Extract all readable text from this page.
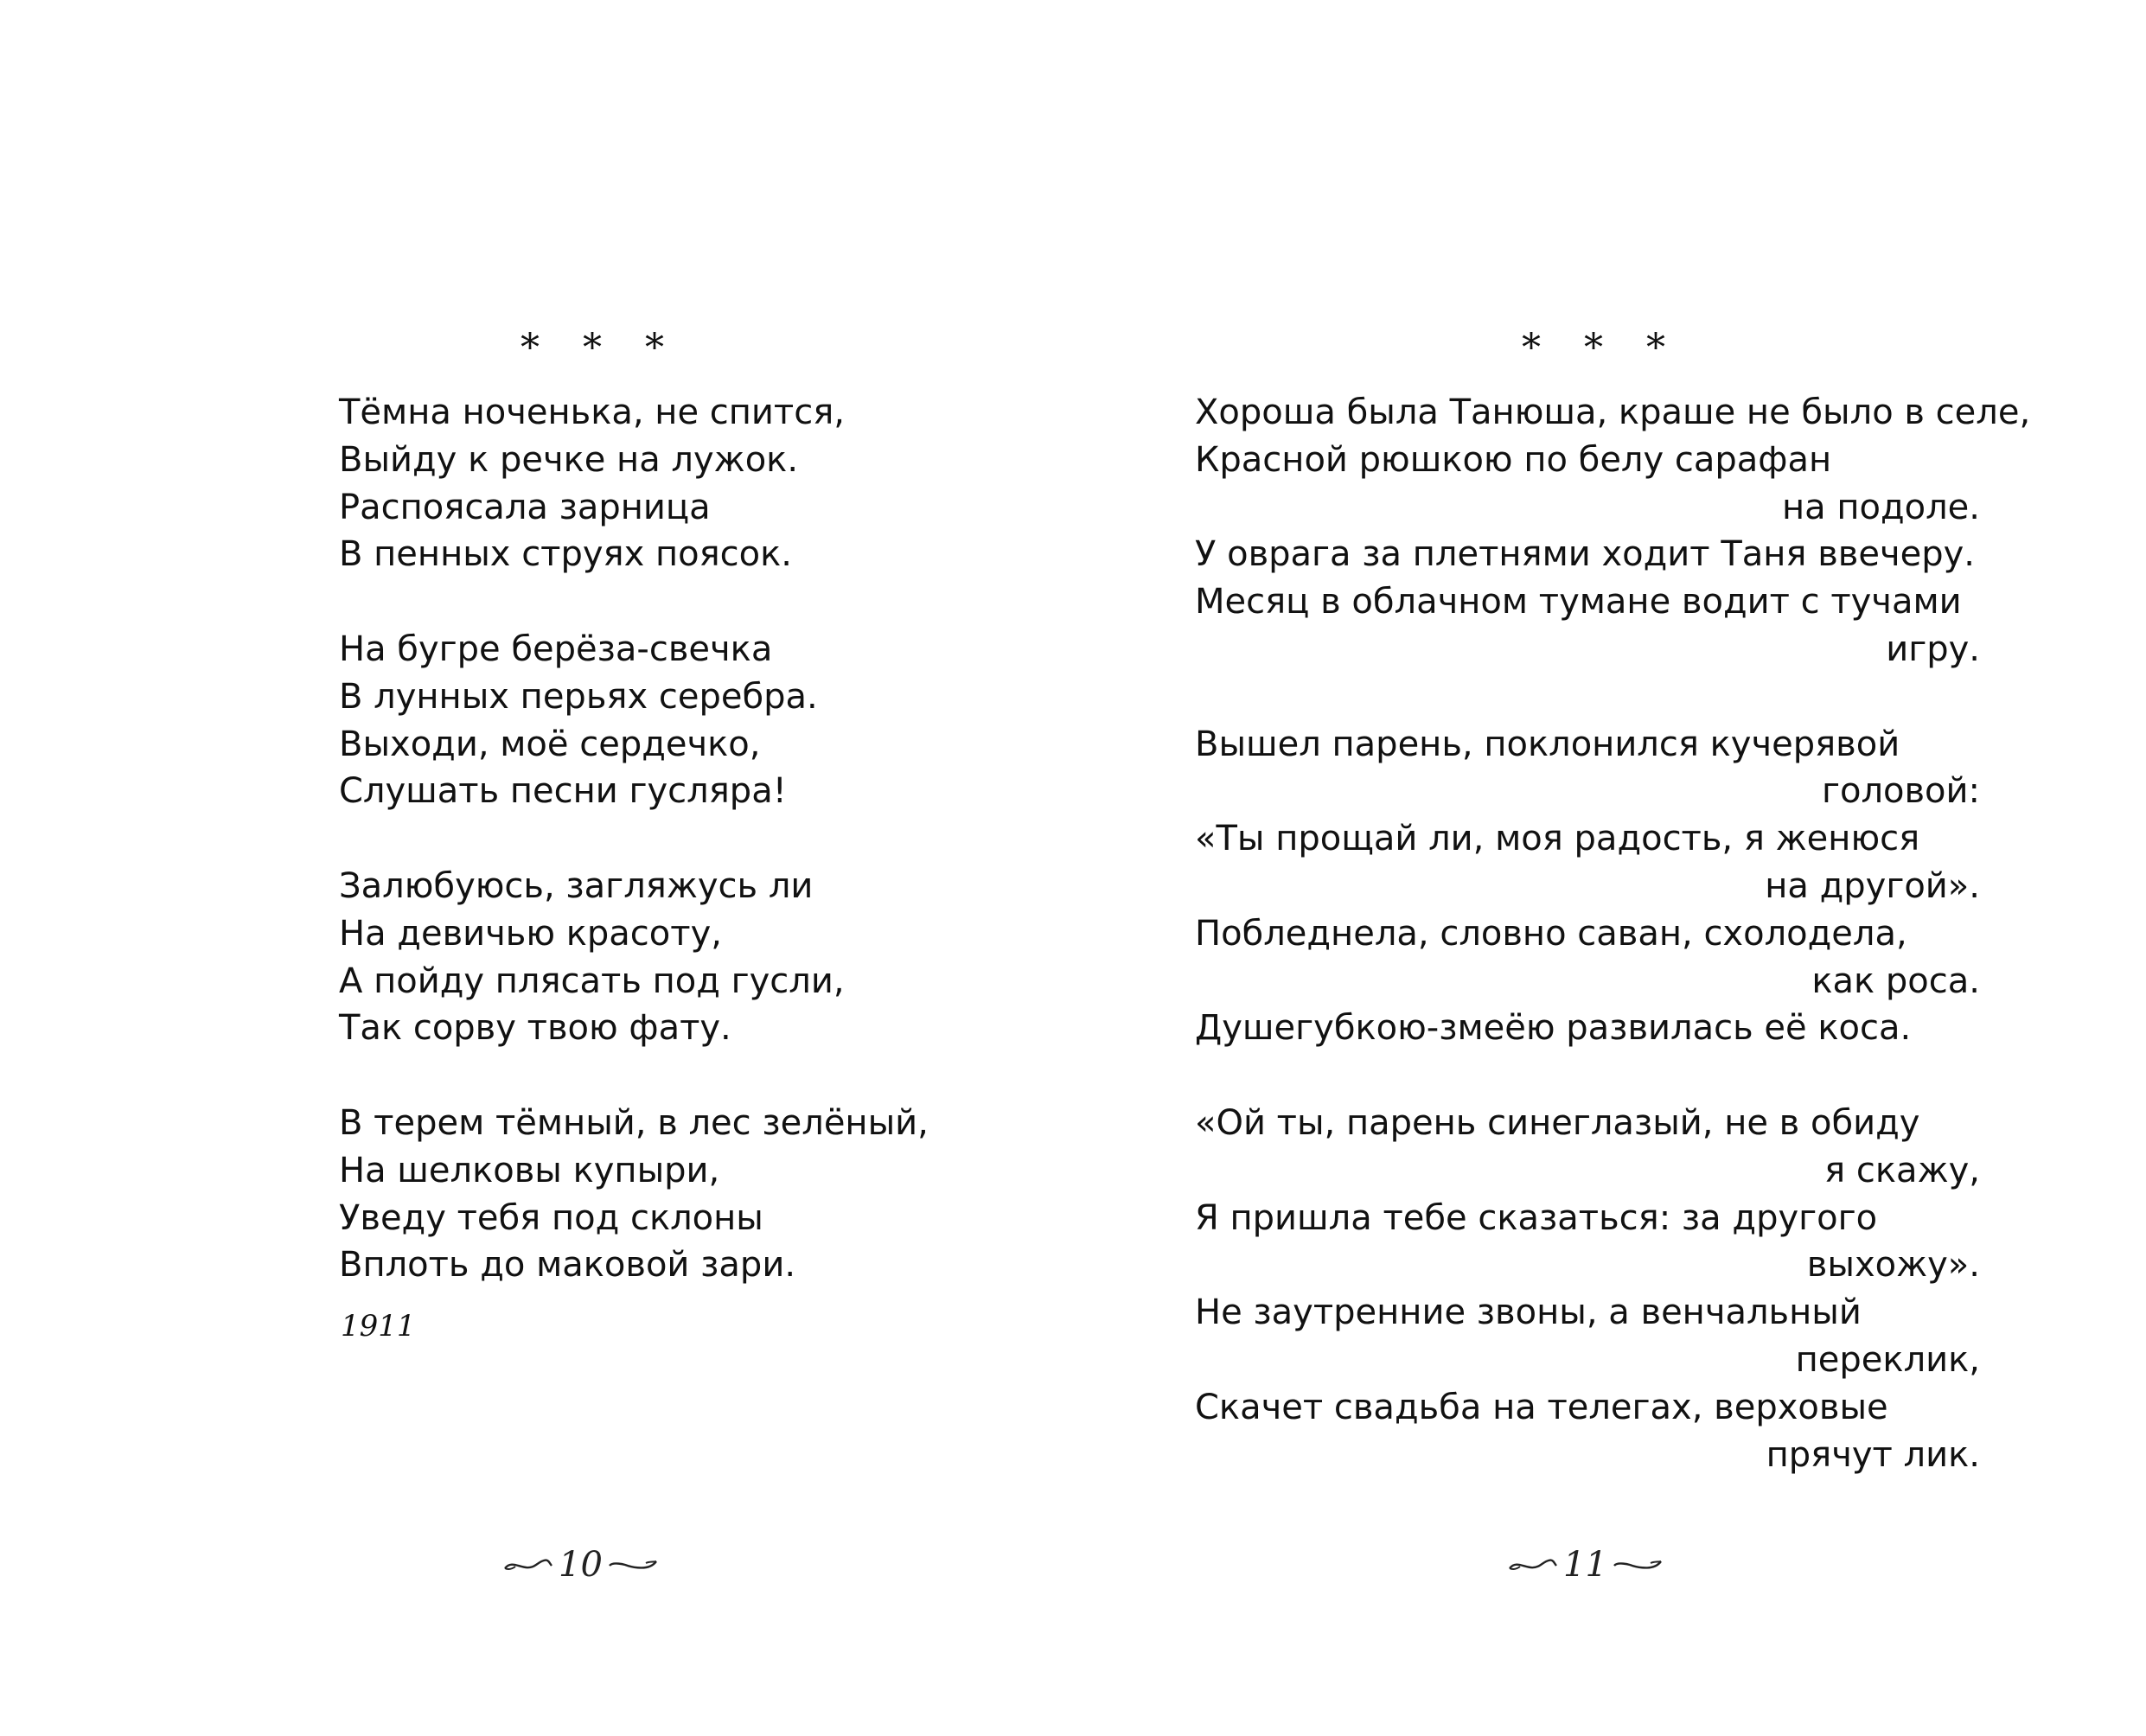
* * *
Тёмна ноченька, не спится,
Выйду к речке на лужок.
Распоясала зарница
В пенных струях поясок.
На бугре берёза-свечка
В лунных перьях серебра.
Выходи, моё сердечко,
Слушать песни гусляра!
Залюбуюсь, загляжусь ли
На девичью красоту,
А пойду плясать под гусли,
Так сорву твою фату.
В терем тёмный, в лес зелёный,
На шелковы купыри,
Уведу тебя под склоны
Вплоть до маковой зари.
1911
10
* * *
Хороша была Танюша, краше не было в селе,
Красной рюшкою по белу сарафан
на подоле.
У оврага за плетнями ходит Таня ввечеру.
Месяц в облачном тумане водит с тучами
игру.
Вышел парень, поклонился кучерявой
головой:
«Ты прощай ли, моя радость, я женюся
на другой».
Побледнела, словно саван, схолодела,
как роса.
Душегубкою-змеёю развилась её коса.
«Ой ты, парень синеглазый, не в обиду
я скажу,
Я пришла тебе сказаться: за другого
выхожу».
Не заутренние звоны, а венчальный
переклик,
Скачет свадьба на телегах, верховые
прячут лик.
11
